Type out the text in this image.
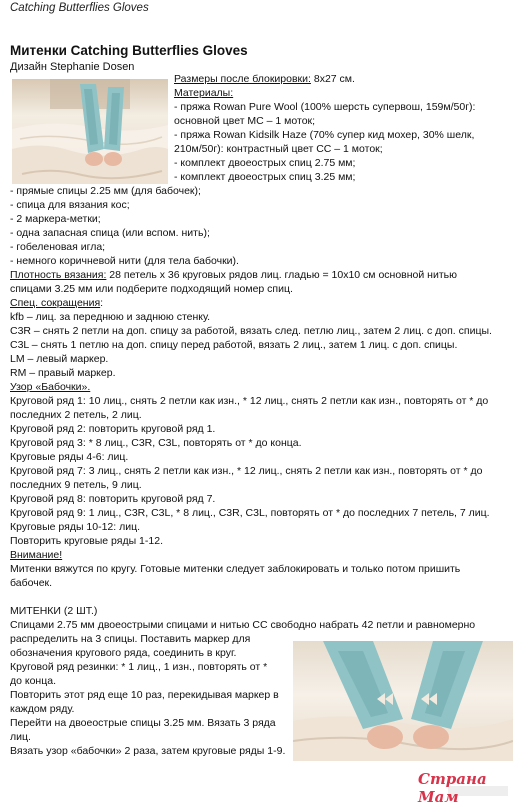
Catching Butterflies Gloves
Митенки Catching Butterflies Gloves
Дизайн Stephanie Dosen
Размеры после блокировки: 8x27 см.
Материалы:
- пряжа Rowan Pure Wool (100% шерсть супервош, 159м/50г):
основной цвет МС – 1 моток;
- пряжа Rowan Kidsilk Haze (70% супер кид мохер, 30% шелк,
210м/50г): контрастный цвет СС – 1 моток;
- комплект двоеострых спиц 2.75 мм;
- комплект двоеострых спиц 3.25 мм;
- прямые спицы 2.25 мм (для бабочек);
- спица для вязания кос;
- 2 маркера-метки;
- одна запасная спица (или вспом. нить);
- гобеленовая игла;
- немного коричневой нити (для тела бабочки).
Плотность вязания: 28 петель х 36 круговых рядов лиц. гладью = 10x10 см основной нитью
спицами 3.25 мм или подберите подходящий номер спиц.
Спец. сокращения:
kfb – лиц. за переднюю и заднюю стенку.
C3R – снять 2 петли на доп. спицу за работой, вязать след. петлю лиц., затем 2 лиц. с доп. спицы.
C3L – снять 1 петлю на доп. спицу перед работой, вязать 2 лиц., затем 1 лиц. с доп. спицы.
LM – левый маркер.
RM – правый маркер.
Узор «Бабочки».
Круговой ряд 1: 10 лиц., снять 2 петли как изн., * 12 лиц., снять 2 петли как изн., повторять от * до
последних 2 петель, 2 лиц.
Круговой ряд 2: повторить круговой ряд 1.
Круговой ряд 3: * 8 лиц., C3R, C3L, повторять от * до конца.
Круговые ряды 4-6: лиц.
Круговой ряд 7: 3 лиц., снять 2 петли как изн., * 12 лиц., снять 2 петли как изн., повторять от * до
последних 9 петель, 9 лиц.
Круговой ряд 8: повторить круговой ряд 7.
Круговой ряд 9: 1 лиц., C3R, C3L, * 8 лиц., C3R, C3L, повторять от * до последних 7 петель, 7 лиц.
Круговые ряды 10-12: лиц.
Повторить круговые ряды 1-12.
Внимание!
Митенки вяжутся по кругу. Готовые митенки следует заблокировать и только потом пришить
бабочек.
МИТЕНКИ (2 ШТ.)
Спицами 2.75 мм двоеострыми спицами и нитью СС свободно набрать 42 петли и равномерно
распределить на 3 спицы. Поставить маркер для
обозначения кругового ряда, соединить в круг.
Круговой ряд резинки: * 1 лиц., 1 изн., повторять от *
до конца.
Повторить этот ряд еще 10 раз, перекидывая маркер в
каждом ряду.
Перейти на двоеострые спицы 3.25 мм. Вязать 3 ряда
лиц.
Вязать узор «бабочки» 2 раза, затем круговые ряды 1-9.
Страна Мам
